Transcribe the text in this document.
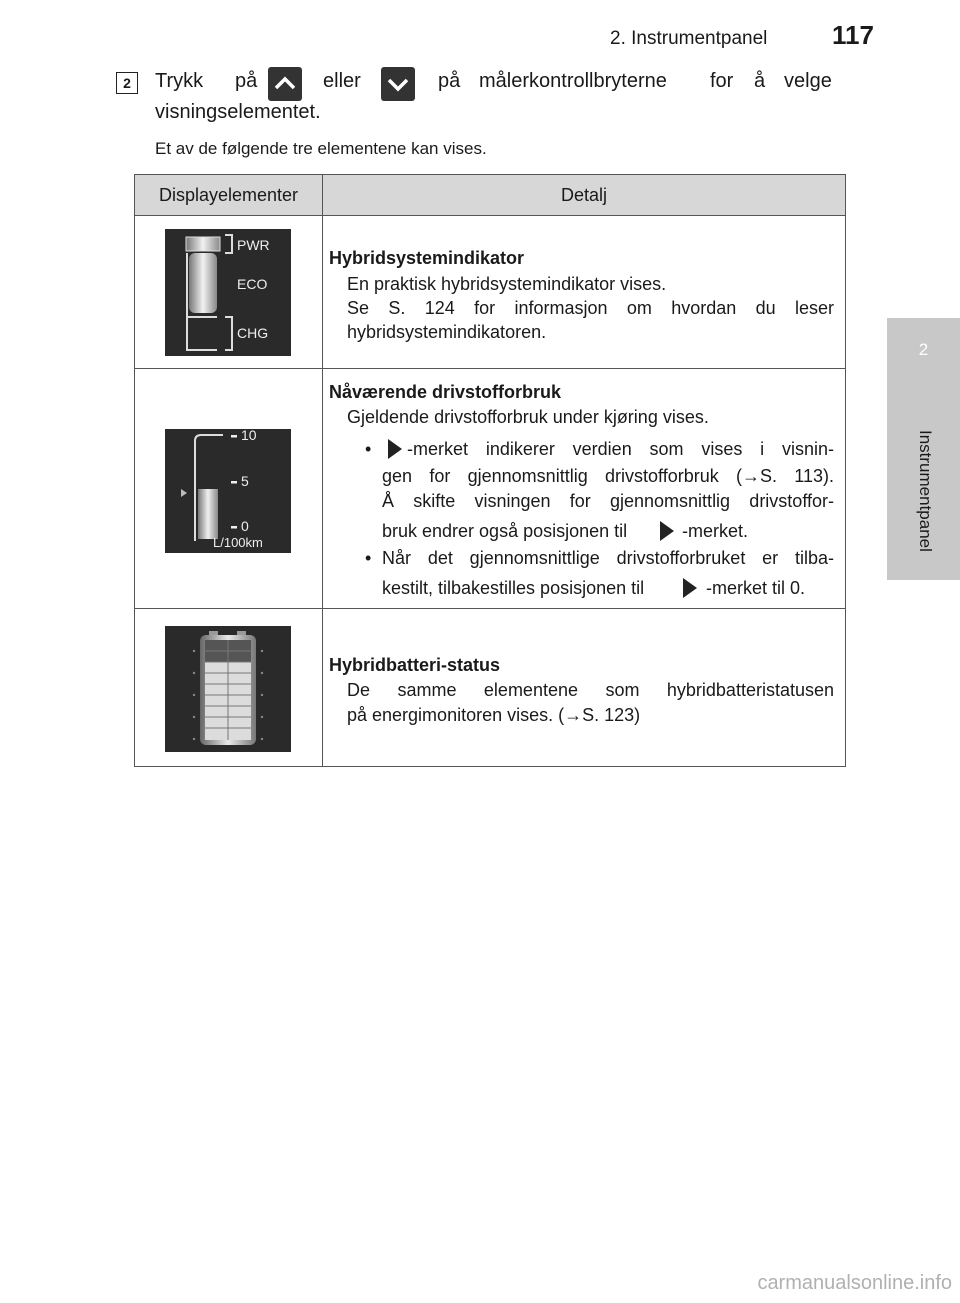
2. Instrumentpanel 117
2
Instrumentpanel
2	Trykk på	eller	på målerkontrollbryterne for å velge
visningselementet.
Et av de følgende tre elementene kan vises.
Displayelementer	Detalj
PWR
ECO
CHG
Hybridsystemindikator
En praktisk hybridsystemindikator vises.
Se S. 124 for informasjon om hvordan du leser
hybridsystemindikatoren.
10
5
0
L/100km
Nåværende drivstofforbruk
Gjeldende drivstofforbruk under kjøring vises.
• -merket indikerer verdien som vises i visnin-
gen for gjennomsnittlig drivstofforbruk (→S. 113).
Å skifte visningen for gjennomsnittlig drivstoffor-
bruk endrer også posisjonen til	-merket.
• Når det gjennomsnittlige drivstofforbruket er tilba-
kestilt, tilbakestilles posisjonen til	-merket til 0.
Hybridbatteri-status
De samme elementene som hybridbatteristatusen
på energimonitoren vises. (→S. 123)
carmanualsonline.info
